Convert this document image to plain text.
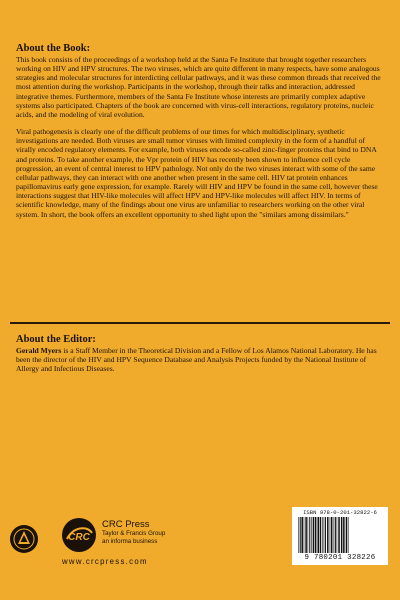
About the Book:

This book consists of the proceedings of a workshop held at the Santa Fe Institute that brought together researchers working on HIV and HPV structures. The two viruses, which are quite different in many respects, have some analogous strategies and molecular structures for interdicting cellular pathways, and it was these common threads that received the most attention during the workshop. Participants in the workshop, through their talks and interaction, addressed integrative themes. Furthermore, members of the Santa Fe Institute whose interests are primarily complex adaptive systems also participated. Chapters of the book are concerned with virus-cell interactions, regulatory proteins, nucleic acids, and the modeling of viral evolution.

Viral pathogenesis is clearly one of the difficult problems of our times for which multidisciplinary, synthetic investigations are needed. Both viruses are small tumor viruses with limited complexity in the form of a handful of virally encoded regulatory elements. For example, both viruses encode so-called zinc-finger proteins that bind to DNA and proteins. To take another example, the Vpr protein of HIV has recently been shown to influence cell cycle progression, an event of central interest to HPV pathology. Not only do the two viruses interact with some of the same cellular pathways, they can interact with one another when present in the same cell. HIV tat protein enhances papillomavirus early gene expression, for example. Rarely will HIV and HPV be found in the same cell, however these interactions suggest that HIV-like molecules will affect HPV and HPV-like molecules will affect HIV. In terms of scientific knowledge, many of the findings about one virus are unfamiliar to researchers working on the other viral system. In short, the book offers an excellent opportunity to shed light upon the "similars among dissimilars."

About the Editor:

Gerald Myers is a Staff Member in the Theoretical Division and a Fellow of Los Alamos National Laboratory. He has been the director of the HIV and HPV Sequence Database and Analysis Projects funded by the National Institute of Allergy and Infectious Diseases.

CRC
CRC Press
Taylor & Francis Group
an informa business
www.crcpress.com
ISBN 978-0-201-32822-6
9 780201 328226
